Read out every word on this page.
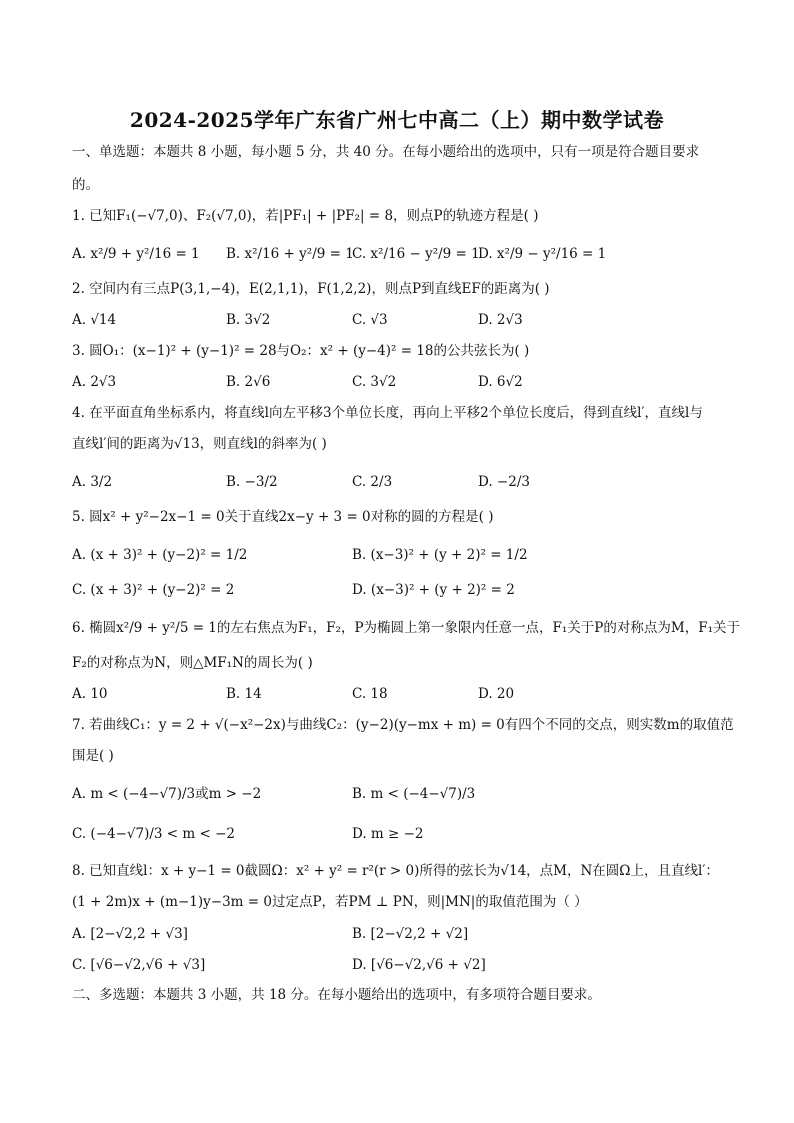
2024-2025学年广东省广州七中高二（上）期中数学试卷
一、单选题：本题共 8 小题，每小题 5 分，共 40 分。在每小题给出的选项中，只有一项是符合题目要求
的。
1. 已知F₁(−√7,0)、F₂(√7,0)，若|PF₁| + |PF₂| = 8，则点P的轨迹方程是( )
A. x²/9 + y²/16 = 1 B. x²/16 + y²/9 = 1
C. x²/16 − y²/9 = 1
D. x²/9 − y²/16 = 1
2. 空间内有三点P(3,1,−4)，E(2,1,1)，F(1,2,2)，则点P到直线EF的距离为( )
A. √14	B. 3√2	C. √3	D. 2√3
3. 圆O₁：(x−1)² + (y−1)² = 28与O₂：x² + (y−4)² = 18的公共弦长为( )
A. 2√3	B. 2√6	C. 3√2	D. 6√2
4. 在平面直角坐标系内，将直线l向左平移3个单位长度，再向上平移2个单位长度后，得到直线l′，直线l与
直线l′间的距离为√13，则直线l的斜率为( )
A. 3/2	B. −3/2	C. 2/3	D. −2/3
5. 圆x² + y²−2x−1 = 0关于直线2x−y + 3 = 0对称的圆的方程是( )
A. (x + 3)² + (y−2)² = 1/2	B. (x−3)² + (y + 2)² = 1/2
C. (x + 3)² + (y−2)² = 2	D. (x−3)² + (y + 2)² = 2
6. 椭圆x²/9 + y²/5 = 1的左右焦点为F₁，F₂，P为椭圆上第一象限内任意一点，F₁关于P的对称点为M，F₁关于
F₂的对称点为N，则△MF₁N的周长为( )
A. 10	B. 14	C. 18	D. 20
7. 若曲线C₁：y = 2 + √(−x²−2x)与曲线C₂：(y−2)(y−mx + m) = 0有四个不同的交点，则实数m的取值范
围是( )
A. m < (−4−√7)/3或m > −2	B. m < (−4−√7)/3
C. (−4−√7)/3 < m < −2	D. m ≥ −2
8. 已知直线l：x + y−1 = 0截圆Ω：x² + y² = r²(r > 0)所得的弦长为√14，点M，N在圆Ω上，且直线l′：
(1 + 2m)x + (m−1)y−3m = 0过定点P，若PM ⊥ PN，则|MN|的取值范围为（ ）
A. [2−√2,2 + √3]	B. [2−√2,2 + √2]
C. [√6−√2,√6 + √3]	D. [√6−√2,√6 + √2]
二、多选题：本题共 3 小题，共 18 分。在每小题给出的选项中，有多项符合题目要求。
